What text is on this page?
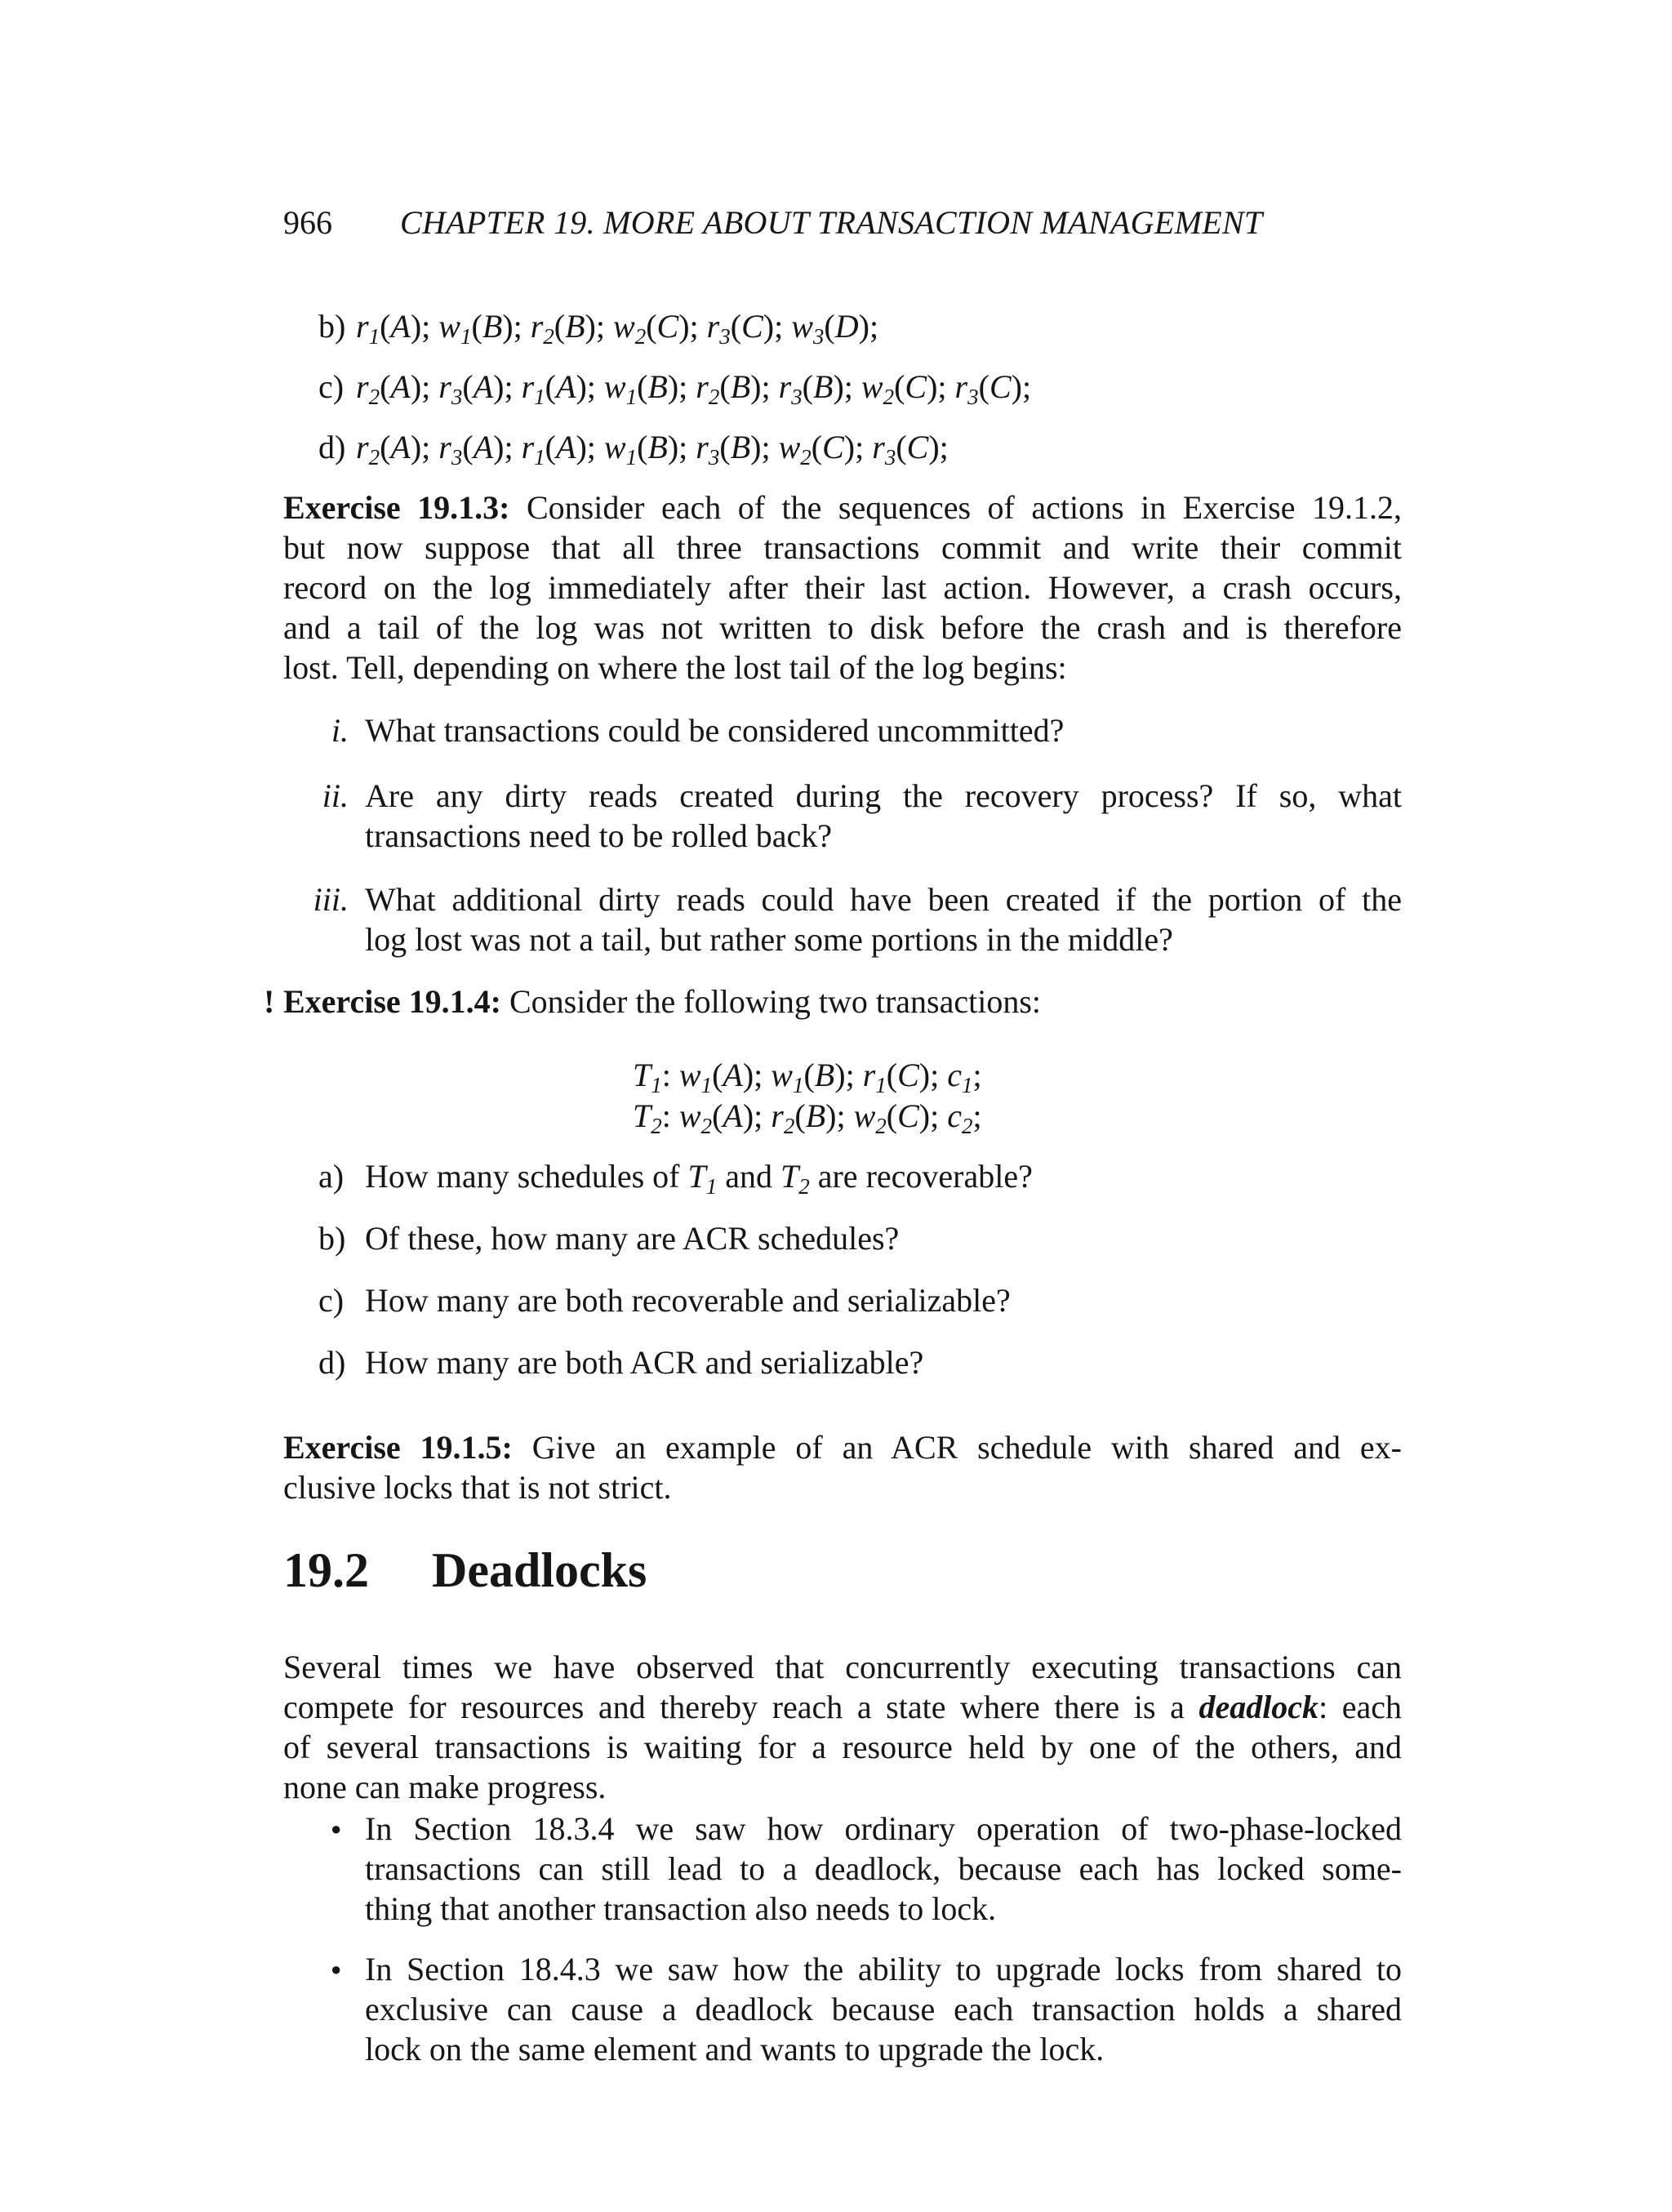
966 CHAPTER 19. MORE ABOUT TRANSACTION MANAGEMENT
b) $r_1(A)$; $w_1(B)$; $r_2(B)$; $w_2(C)$; $r_3(C)$; $w_3(D)$;
c) $r_2(A)$; $r_3(A)$; $r_1(A)$; $w_1(B)$; $r_2(B)$; $r_3(B)$; $w_2(C)$; $r_3(C)$;
d) $r_2(A)$; $r_3(A)$; $r_1(A)$; $w_1(B)$; $r_3(B)$; $w_2(C)$; $r_3(C)$;
Exercise 19.1.3: Consider each of the sequences of actions in Exercise 19.1.2,
but now suppose that all three transactions commit and write their commit
record on the log immediately after their last action. However, a crash occurs,
and a tail of the log was not written to disk before the crash and is therefore
lost. Tell, depending on where the lost tail of the log begins:
i. What transactions could be considered uncommitted?
ii. Are any dirty reads created during the recovery process? If so, what
transactions need to be rolled back?
iii. What additional dirty reads could have been created if the portion of the
log lost was not a tail, but rather some portions in the middle?
! Exercise 19.1.4: Consider the following two transactions:
$T_1$: $w_1(A)$; $w_1(B)$; $r_1(C)$; $c_1$;
$T_2$: $w_2(A)$; $r_2(B)$; $w_2(C)$; $c_2$;
a) How many schedules of $T_1$ and $T_2$ are recoverable?
b) Of these, how many are ACR schedules?
c) How many are both recoverable and serializable?
d) How many are both ACR and serializable?
Exercise 19.1.5: Give an example of an ACR schedule with shared and ex-
clusive locks that is not strict.
19.2 Deadlocks
Several times we have observed that concurrently executing transactions can
compete for resources and thereby reach a state where there is a deadlock: each
of several transactions is waiting for a resource held by one of the others, and
none can make progress.
● In Section 18.3.4 we saw how ordinary operation of two-phase-locked
transactions can still lead to a deadlock, because each has locked some-
thing that another transaction also needs to lock.
● In Section 18.4.3 we saw how the ability to upgrade locks from shared to
exclusive can cause a deadlock because each transaction holds a shared
lock on the same element and wants to upgrade the lock.
